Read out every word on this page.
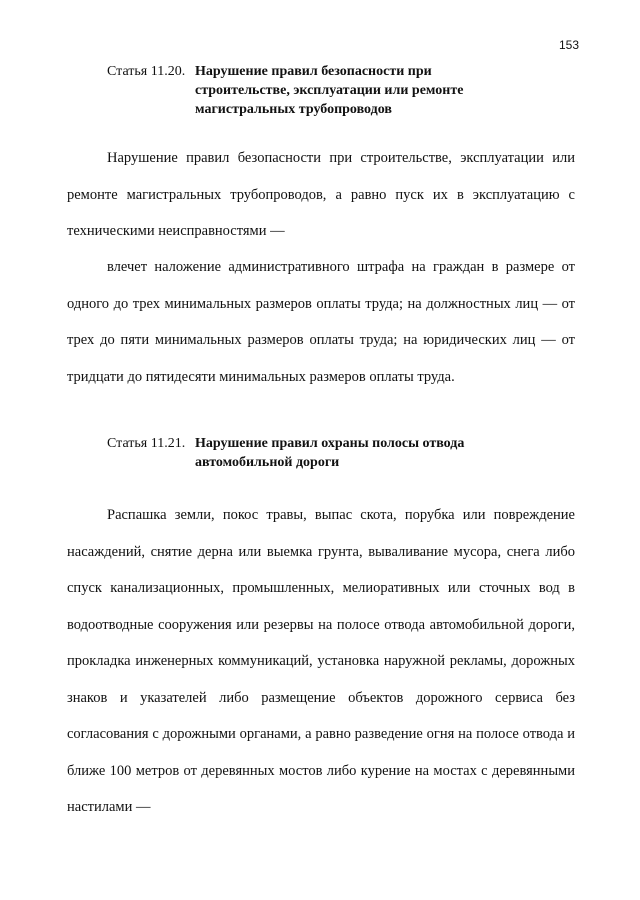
153
Статья 11.20. Нарушение правил безопасности при строительстве, эксплуатации или ремонте магистральных трубопроводов

Нарушение правил безопасности при строительстве, эксплуатации или ремонте магистральных трубопроводов, а равно пуск их в эксплуатацию с техническими неисправностями —

влечет наложение административного штрафа на граждан в размере от одного до трех минимальных размеров оплаты труда; на должностных лиц — от трех до пяти минимальных размеров оплаты труда; на юридических лиц — от тридцати до пятидесяти минимальных размеров оплаты труда.

Статья 11.21. Нарушение правил охраны полосы отвода автомобильной дороги

Распашка земли, покос травы, выпас скота, порубка или повреждение насаждений, снятие дерна или выемка грунта, вываливание мусора, снега либо спуск канализационных, промышленных, мелиоративных или сточных вод в водоотводные сооружения или резервы на полосе отвода автомобильной дороги, прокладка инженерных коммуникаций, установка наружной рекламы, дорожных знаков и указателей либо размещение объектов дорожного сервиса без согласования с дорожными органами, а равно разведение огня на полосе отвода и ближе 100 метров от деревянных мостов либо курение на мостах с деревянными настилами —
